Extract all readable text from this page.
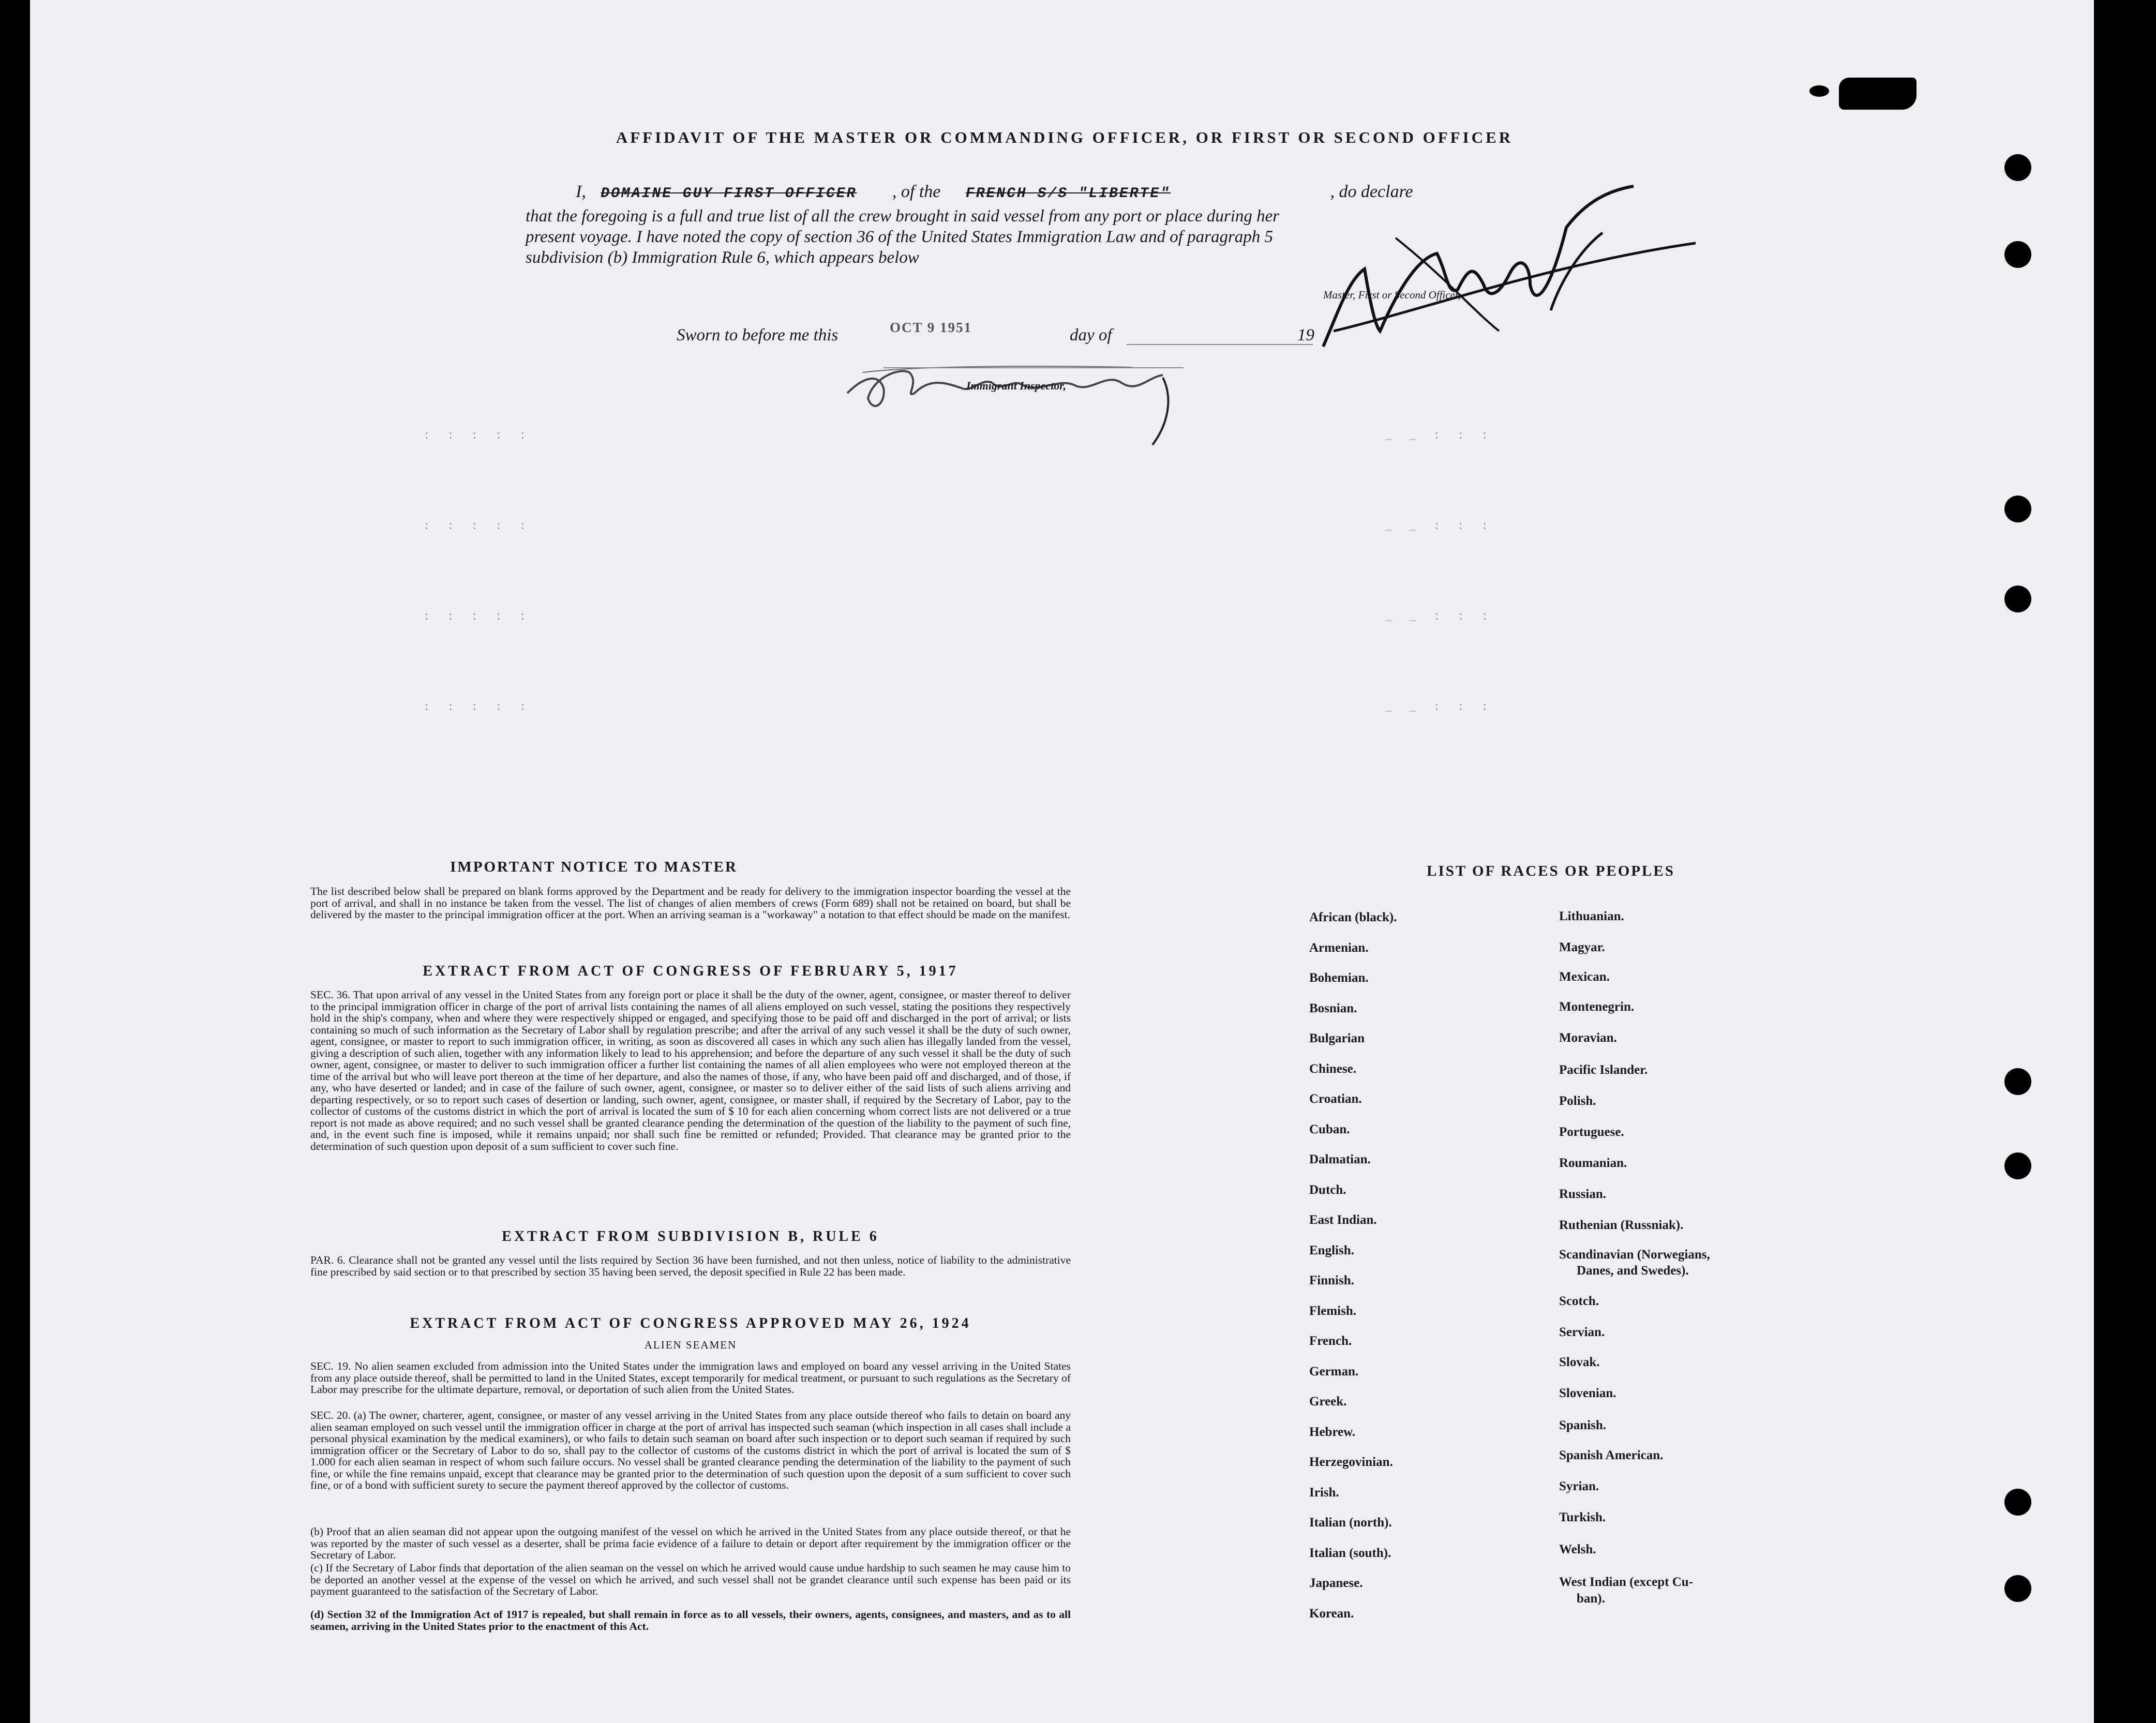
: : : : :
: : : : :
: : : : :
: : : : :
_ _ : : :
_ _ : : :
_ _ : : :
_ _ : : :
AFFIDAVIT OF THE MASTER OR COMMANDING OFFICER, OR FIRST OR SECOND OFFICER
I, DOMAINE GUY FIRST OFFICER , of the FRENCH S/S "LIBERTE"	, do declare
that the foregoing is a full and true list of all the crew brought in said vessel from any port or place during her
present voyage. I have noted the copy of section 36 of the United States Immigration Law and of paragraph 5
subdivision (b) Immigration Rule 6, which appears below
Master, First or Second Officer,
Sworn to before me this	OCT 9 1951	day of	19
Immigrant Inspector,
IMPORTANT NOTICE TO MASTER
The list described below shall be prepared on blank forms approved by the Department and be ready for delivery to the immigration inspector boarding the vessel at the port of arrival, and shall in no instance be taken from the vessel. The list of changes of alien members of crews (Form 689) shall not be retained on board, but shall be delivered by the master to the principal immigration officer at the port. When an arriving seaman is a "workaway" a notation to that effect should be made on the manifest.
EXTRACT FROM ACT OF CONGRESS OF FEBRUARY 5, 1917
SEC. 36. That upon arrival of any vessel in the United States from any foreign port or place it shall be the duty of the owner, agent, consignee, or master thereof to deliver to the principal immigration officer in charge of the port of arrival lists containing the names of all aliens employed on such vessel, stating the positions they respectively hold in the ship's company, when and where they were respectively shipped or engaged, and specifying those to be paid off and discharged in the port of arrival; or lists containing so much of such information as the Secretary of Labor shall by regulation prescribe; and after the arrival of any such vessel it shall be the duty of such owner, agent, consignee, or master to report to such immigration officer, in writing, as soon as discovered all cases in which any such alien has illegally landed from the vessel, giving a description of such alien, together with any information likely to lead to his apprehension; and before the departure of any such vessel it shall be the duty of such owner, agent, consignee, or master to deliver to such immigration officer a further list containing the names of all alien employees who were not employed thereon at the time of the arrival but who will leave port thereon at the time of her departure, and also the names of those, if any, who have been paid off and discharged, and of those, if any, who have deserted or landed; and in case of the failure of such owner, agent, consignee, or master so to deliver either of the said lists of such aliens arriving and departing respectively, or so to report such cases of desertion or landing, such owner, agent, consignee, or master shall, if required by the Secretary of Labor, pay to the collector of customs of the customs district in which the port of arrival is located the sum of $ 10 for each alien concerning whom correct lists are not delivered or a true report is not made as above required; and no such vessel shall be granted clearance pending the determination of the question of the liability to the payment of such fine, and, in the event such fine is imposed, while it remains unpaid; nor shall such fine be remitted or refunded; Provided. That clearance may be granted prior to the determination of such question upon deposit of a sum sufficient to cover such fine.
EXTRACT FROM SUBDIVISION B, RULE 6
PAR. 6. Clearance shall not be granted any vessel until the lists required by Section 36 have been furnished, and not then unless, notice of liability to the administrative fine prescribed by said section or to that prescribed by section 35 having been served, the deposit specified in Rule 22 has been made.
EXTRACT FROM ACT OF CONGRESS APPROVED MAY 26, 1924
ALIEN SEAMEN
SEC. 19. No alien seamen excluded from admission into the United States under the immigration laws and employed on board any vessel arriving in the United States from any place outside thereof, shall be permitted to land in the United States, except temporarily for medical treatment, or pursuant to such regulations as the Secretary of Labor may prescribe for the ultimate departure, removal, or deportation of such alien from the United States.
SEC. 20. (a) The owner, charterer, agent, consignee, or master of any vessel arriving in the United States from any place outside thereof who fails to detain on board any alien seaman employed on such vessel until the immigration officer in charge at the port of arrival has inspected such seaman (which inspection in all cases shall include a personal physical examination by the medical examiners), or who fails to detain such seaman on board after such inspection or to deport such seaman if required by such immigration officer or the Secretary of Labor to do so, shall pay to the collector of customs of the customs district in which the port of arrival is located the sum of $ 1.000 for each alien seaman in respect of whom such failure occurs. No vessel shall be granted clearance pending the determination of the liability to the payment of such fine, or while the fine remains unpaid, except that clearance may be granted prior to the determination of such question upon the deposit of a sum sufficient to cover such fine, or of a bond with sufficient surety to secure the payment thereof approved by the collector of customs.
(b) Proof that an alien seaman did not appear upon the outgoing manifest of the vessel on which he arrived in the United States from any place outside thereof, or that he was reported by the master of such vessel as a deserter, shall be prima facie evidence of a failure to detain or deport after requirement by the immigration officer or the Secretary of Labor.
(c) If the Secretary of Labor finds that deportation of the alien seaman on the vessel on which he arrived would cause undue hardship to such seamen he may cause him to be deported an another vessel at the expense of the vessel on which he arrived, and such vessel shall not be grandet clearance until such expense has been paid or its payment guaranteed to the satisfaction of the Secretary of Labor.
(d) Section 32 of the Immigration Act of 1917 is repealed, but shall remain in force as to all vessels, their owners, agents, consignees, and masters, and as to all seamen, arriving in the United States prior to the enactment of this Act.
LIST OF RACES OR PEOPLES
African (black).
Armenian.
Bohemian.
Bosnian.
Bulgarian
Chinese.
Croatian.
Cuban.
Dalmatian.
Dutch.
East Indian.
English.
Finnish.
Flemish.
French.
German.
Greek.
Hebrew.
Herzegovinian.
Irish.
Italian (north).
Italian (south).
Japanese.
Korean.
Lithuanian.
Magyar.
Mexican.
Montenegrin.
Moravian.
Pacific Islander.
Polish.
Portuguese.
Roumanian.
Russian.
Ruthenian (Russniak).
Scandinavian (Norwegians,
Danes, and Swedes).
Scotch.
Servian.
Slovak.
Slovenian.
Spanish.
Spanish American.
Syrian.
Turkish.
Welsh.
West Indian (except Cu-
ban).
